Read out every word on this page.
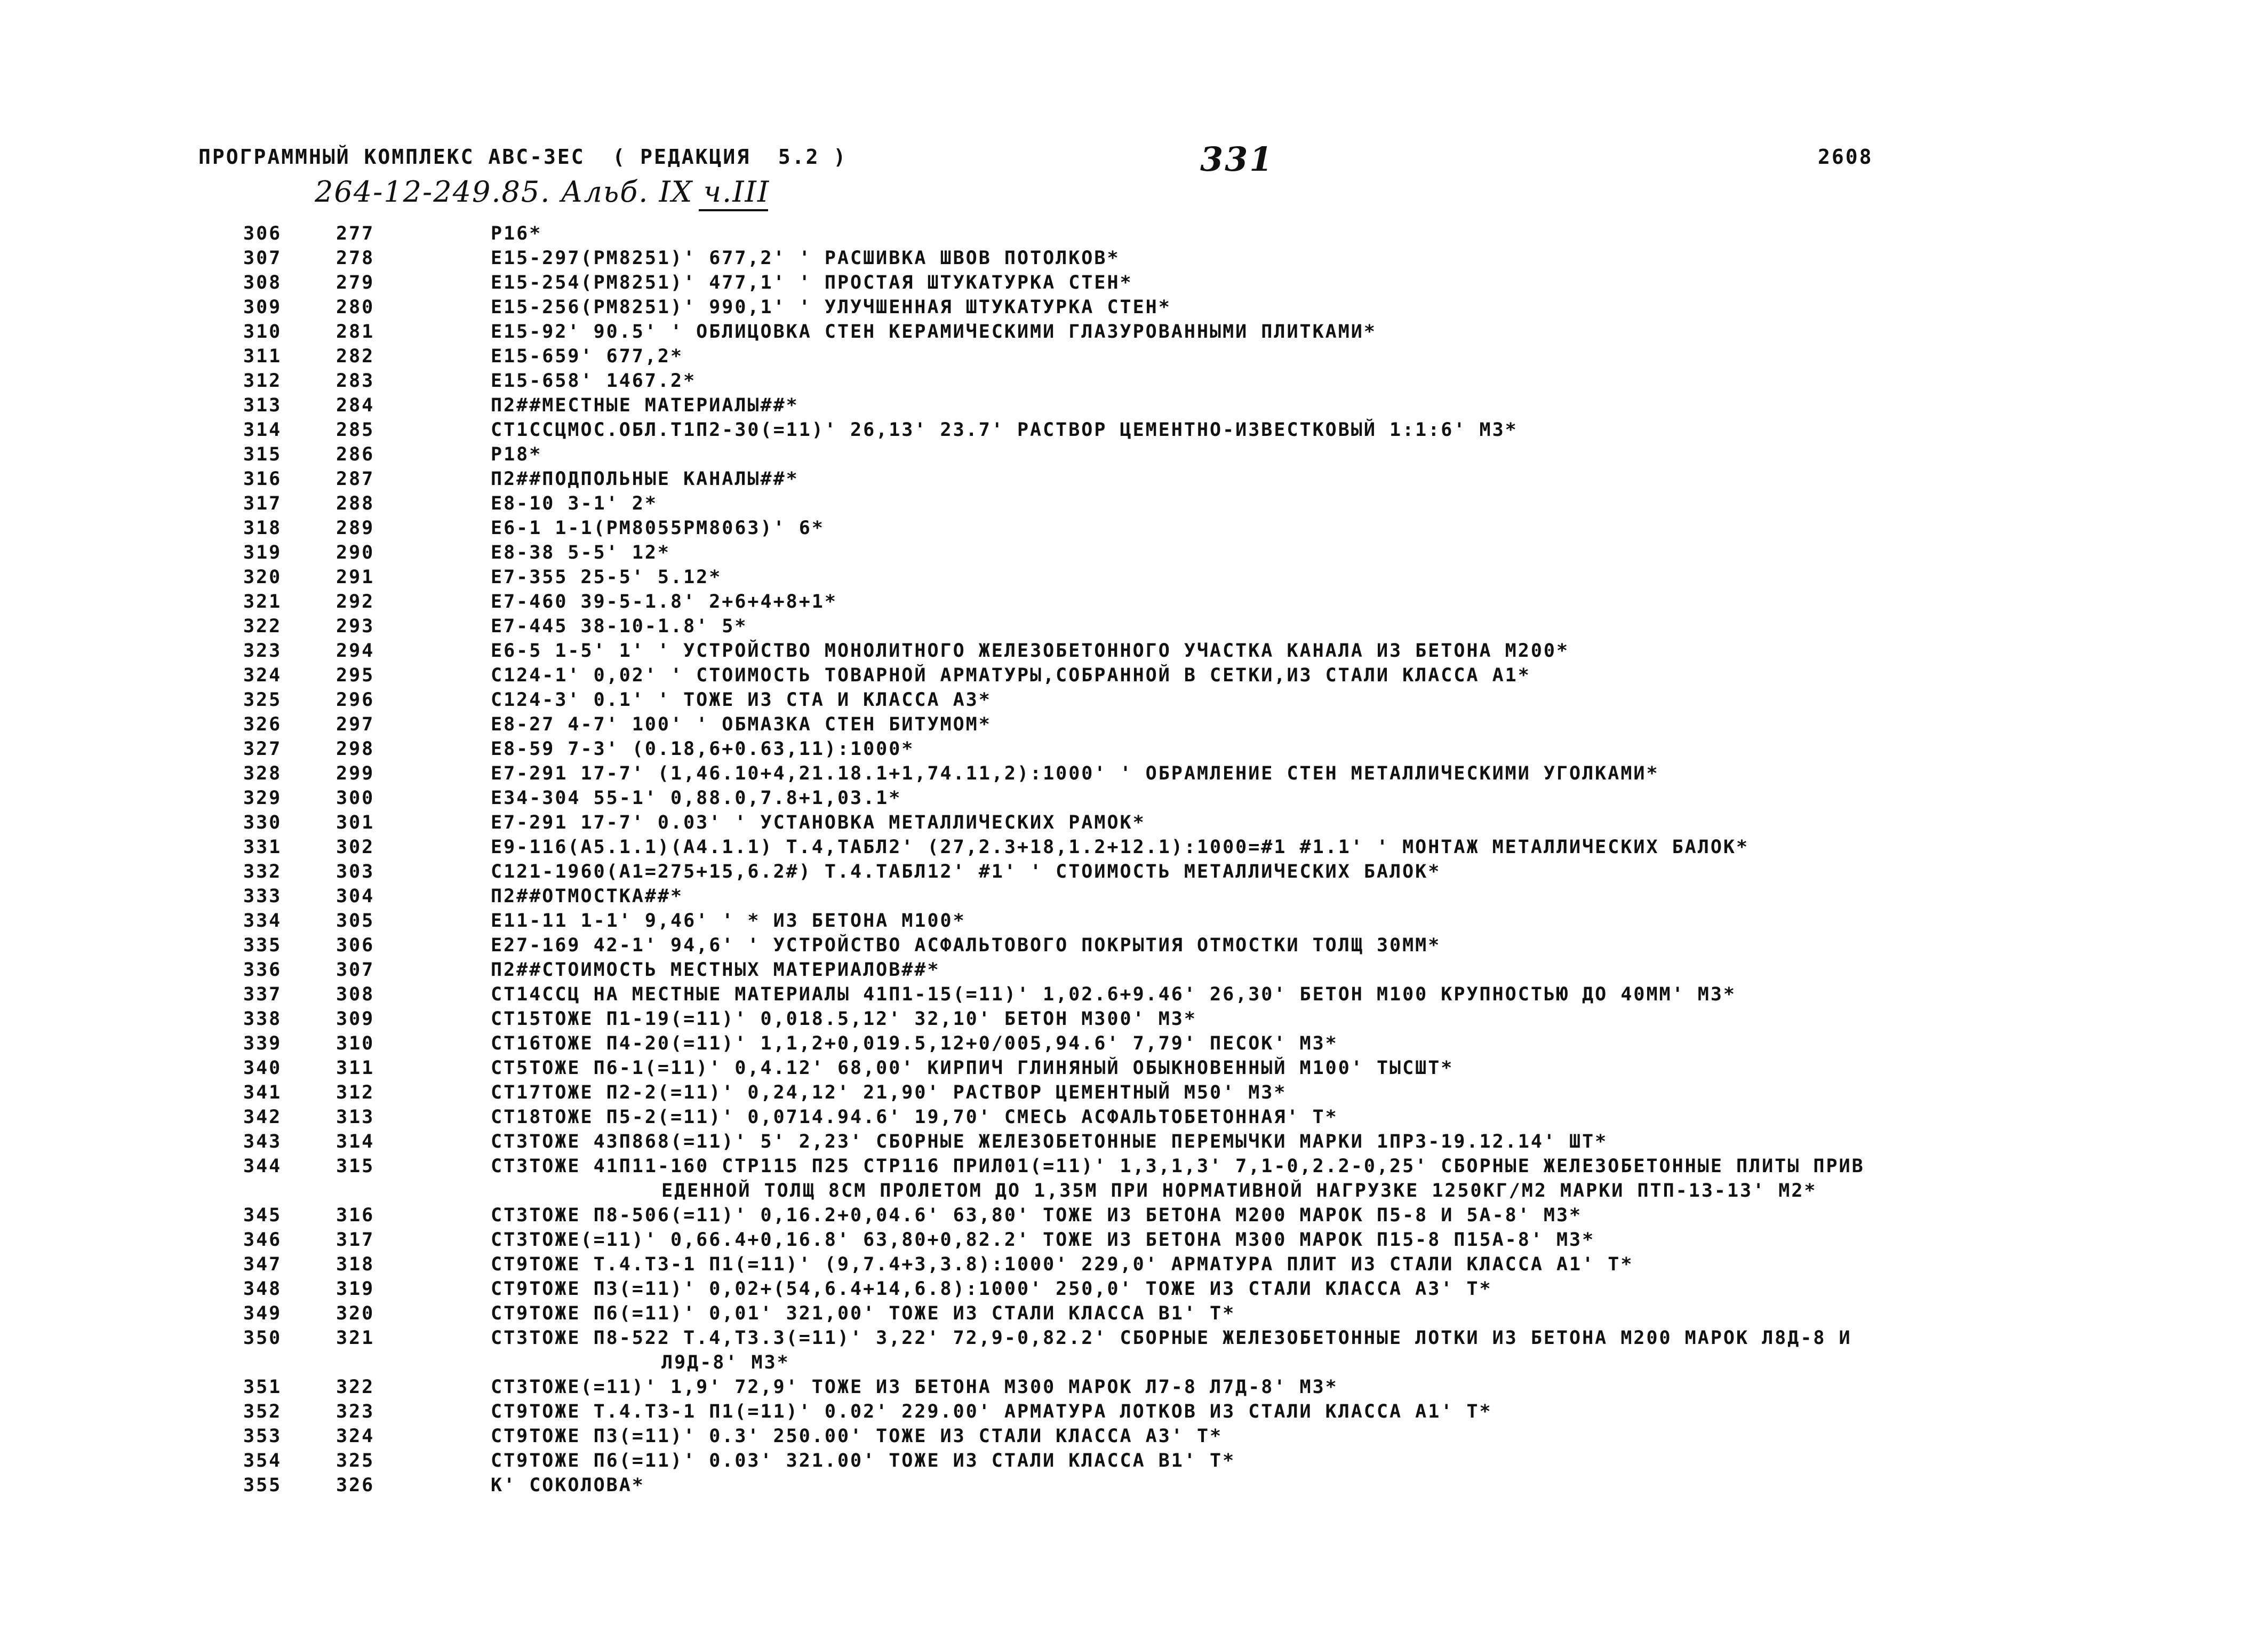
ПРОГРАММНЫЙ КОМПЛЕКС АВС-ЗЕС  ( РЕДАКЦИЯ  5.2 )	331	2608
264-12-249.85. Альб. IX ч.III
306	277	Р16*
307	278	Е15-297(РМ8251)' 677,2' ' РАСШИВКА ШВОВ ПОТОЛКОВ*
308	279	Е15-254(РМ8251)' 477,1' ' ПРОСТАЯ ШТУКАТУРКА СТЕН*
309	280	Е15-256(РМ8251)' 990,1' ' УЛУЧШЕННАЯ ШТУКАТУРКА СТЕН*
310	281	Е15-92' 90.5' ' ОБЛИЦОВКА СТЕН КЕРАМИЧЕСКИМИ ГЛАЗУРОВАННЫМИ ПЛИТКАМИ*
311	282	Е15-659' 677,2*
312	283	Е15-658' 1467.2*
313	284	П2##МЕСТНЫЕ МАТЕРИАЛЫ##*
314	285	СТ1ССЦМОС.ОБЛ.Т1П2-30(=11)' 26,13' 23.7' РАСТВОР ЦЕМЕНТНО-ИЗВЕСТКОВЫЙ 1:1:6' М3*
315	286	Р18*
316	287	П2##ПОДПОЛЬНЫЕ КАНАЛЫ##*
317	288	Е8-10 3-1' 2*
318	289	Е6-1 1-1(РМ8055РМ8063)' 6*
319	290	Е8-38 5-5' 12*
320	291	Е7-355 25-5' 5.12*
321	292	Е7-460 39-5-1.8' 2+6+4+8+1*
322	293	Е7-445 38-10-1.8' 5*
323	294	Е6-5 1-5' 1' ' УСТРОЙСТВО МОНОЛИТНОГО ЖЕЛЕЗОБЕТОННОГО УЧАСТКА КАНАЛА ИЗ БЕТОНА М200*
324	295	С124-1' 0,02' ' СТОИМОСТЬ ТОВАРНОЙ АРМАТУРЫ,СОБРАННОЙ В СЕТКИ,ИЗ СТАЛИ КЛАССА А1*
325	296	С124-3' 0.1' ' ТОЖЕ ИЗ СТА И КЛАССА А3*
326	297	Е8-27 4-7' 100' ' ОБМАЗКА СТЕН БИТУМОМ*
327	298	Е8-59 7-3' (0.18,6+0.63,11):1000*
328	299	Е7-291 17-7' (1,46.10+4,21.18.1+1,74.11,2):1000' ' ОБРАМЛЕНИЕ СТЕН МЕТАЛЛИЧЕСКИМИ УГОЛКАМИ*
329	300	Е34-304 55-1' 0,88.0,7.8+1,03.1*
330	301	Е7-291 17-7' 0.03' ' УСТАНОВКА МЕТАЛЛИЧЕСКИХ РАМОК*
331	302	Е9-116(А5.1.1)(А4.1.1) Т.4,ТАБЛ2' (27,2.3+18,1.2+12.1):1000=#1 #1.1' ' МОНТАЖ МЕТАЛЛИЧЕСКИХ БАЛОК*
332	303	С121-1960(А1=275+15,6.2#) Т.4.ТАБЛ12' #1' ' СТОИМОСТЬ МЕТАЛЛИЧЕСКИХ БАЛОК*
333	304	П2##ОТМОСТКА##*
334	305	Е11-11 1-1' 9,46' ' * ИЗ БЕТОНА М100*
335	306	Е27-169 42-1' 94,6' ' УСТРОЙСТВО АСФАЛЬТОВОГО ПОКРЫТИЯ ОТМОСТКИ ТОЛЩ 30ММ*
336	307	П2##СТОИМОСТЬ МЕСТНЫХ МАТЕРИАЛОВ##*
337	308	СТ14ССЦ НА МЕСТНЫЕ МАТЕРИАЛЫ 41П1-15(=11)' 1,02.6+9.46' 26,30' БЕТОН М100 КРУПНОСТЬЮ ДО 40ММ' М3*
338	309	СТ15ТОЖЕ П1-19(=11)' 0,018.5,12' 32,10' БЕТОН М300' М3*
339	310	СТ16ТОЖЕ П4-20(=11)' 1,1,2+0,019.5,12+0/005,94.6' 7,79' ПЕСОК' М3*
340	311	СТ5ТОЖЕ П6-1(=11)' 0,4.12' 68,00' КИРПИЧ ГЛИНЯНЫЙ ОБЫКНОВЕННЫЙ М100' ТЫСШТ*
341	312	СТ17ТОЖЕ П2-2(=11)' 0,24,12' 21,90' РАСТВОР ЦЕМЕНТНЫЙ М50' М3*
342	313	СТ18ТОЖЕ П5-2(=11)' 0,0714.94.6' 19,70' СМЕСЬ АСФАЛЬТОБЕТОННАЯ' Т*
343	314	СТ3ТОЖЕ 43П868(=11)' 5' 2,23' СБОРНЫЕ ЖЕЛЕЗОБЕТОННЫЕ ПЕРЕМЫЧКИ МАРКИ 1ПР3-19.12.14' ШТ*
344	315	СТ3ТОЖЕ 41П11-160 СТР115 П25 СТР116 ПРИЛ01(=11)' 1,3,1,3' 7,1-0,2.2-0,25' СБОРНЫЕ ЖЕЛЕЗОБЕТОННЫЕ ПЛИТЫ ПРИВ
ЕДЕННОЙ ТОЛЩ 8СМ ПРОЛЕТОМ ДО 1,35М ПРИ НОРМАТИВНОЙ НАГРУЗКЕ 1250КГ/М2 МАРКИ ПТП-13-13' М2*
345	316	СТ3ТОЖЕ П8-506(=11)' 0,16.2+0,04.6' 63,80' ТОЖЕ ИЗ БЕТОНА М200 МАРОК П5-8 И 5А-8' М3*
346	317	СТ3ТОЖЕ(=11)' 0,66.4+0,16.8' 63,80+0,82.2' ТОЖЕ ИЗ БЕТОНА М300 МАРОК П15-8 П15А-8' М3*
347	318	СТ9ТОЖЕ Т.4.Т3-1 П1(=11)' (9,7.4+3,3.8):1000' 229,0' АРМАТУРА ПЛИТ ИЗ СТАЛИ КЛАССА А1' Т*
348	319	СТ9ТОЖЕ П3(=11)' 0,02+(54,6.4+14,6.8):1000' 250,0' ТОЖЕ ИЗ СТАЛИ КЛАССА А3' Т*
349	320	СТ9ТОЖЕ П6(=11)' 0,01' 321,00' ТОЖЕ ИЗ СТАЛИ КЛАССА В1' Т*
350	321	СТ3ТОЖЕ П8-522 Т.4,Т3.3(=11)' 3,22' 72,9-0,82.2' СБОРНЫЕ ЖЕЛЕЗОБЕТОННЫЕ ЛОТКИ ИЗ БЕТОНА М200 МАРОК Л8Д-8 И
Л9Д-8' М3*
351	322	СТ3ТОЖЕ(=11)' 1,9' 72,9' ТОЖЕ ИЗ БЕТОНА М300 МАРОК Л7-8 Л7Д-8' М3*
352	323	СТ9ТОЖЕ Т.4.Т3-1 П1(=11)' 0.02' 229.00' АРМАТУРА ЛОТКОВ ИЗ СТАЛИ КЛАССА А1' Т*
353	324	СТ9ТОЖЕ П3(=11)' 0.3' 250.00' ТОЖЕ ИЗ СТАЛИ КЛАССА А3' Т*
354	325	СТ9ТОЖЕ П6(=11)' 0.03' 321.00' ТОЖЕ ИЗ СТАЛИ КЛАССА В1' Т*
355	326	К' СОКОЛОВА*
